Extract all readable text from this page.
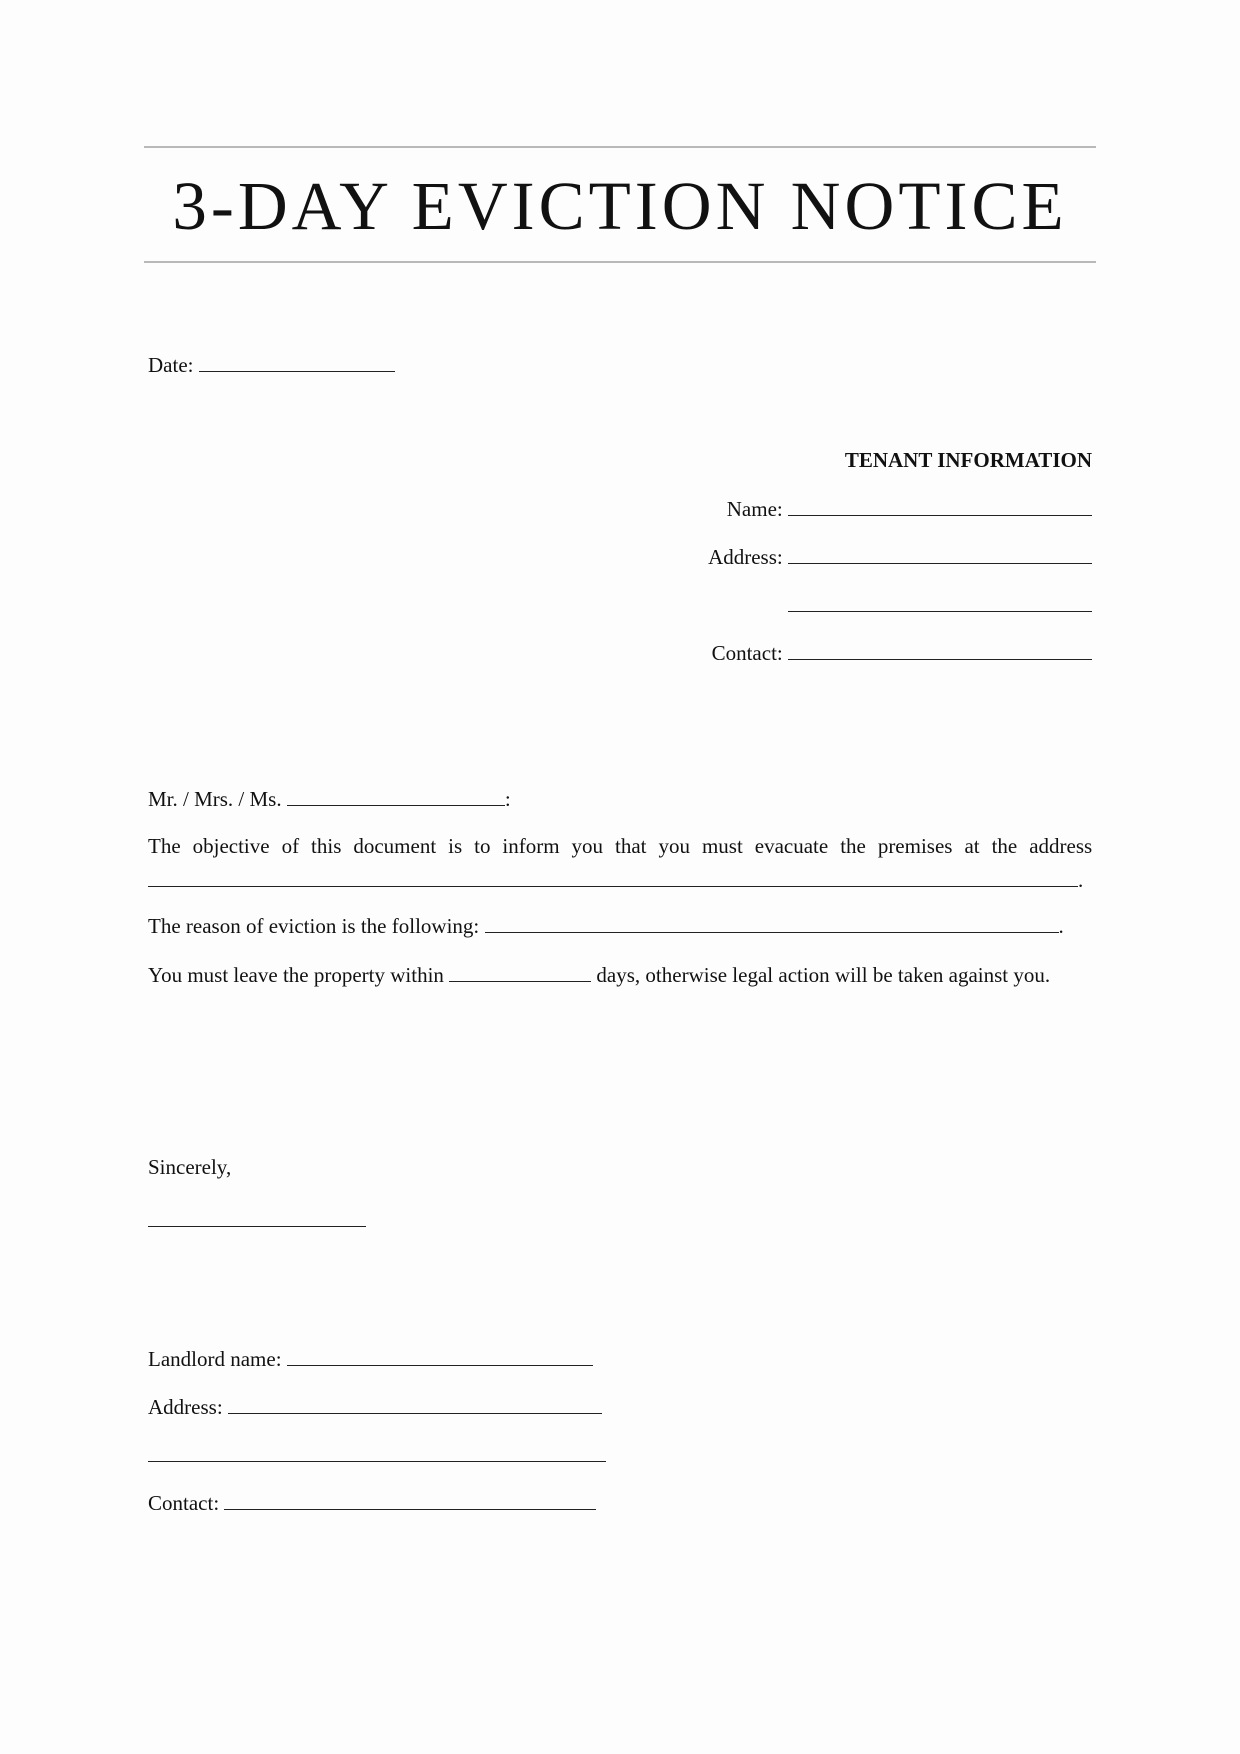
3-DAY EVICTION NOTICE
Date:
TENANT INFORMATION
Name:
Address:
Contact:
Mr. / Mrs. / Ms.	:
The objective of this document is to inform you that you must evacuate the premises at the address
.
The reason of eviction is the following:	.
You must leave the property within	days, otherwise legal action will be taken against you.
Sincerely,
Landlord name:
Address:
Contact:
